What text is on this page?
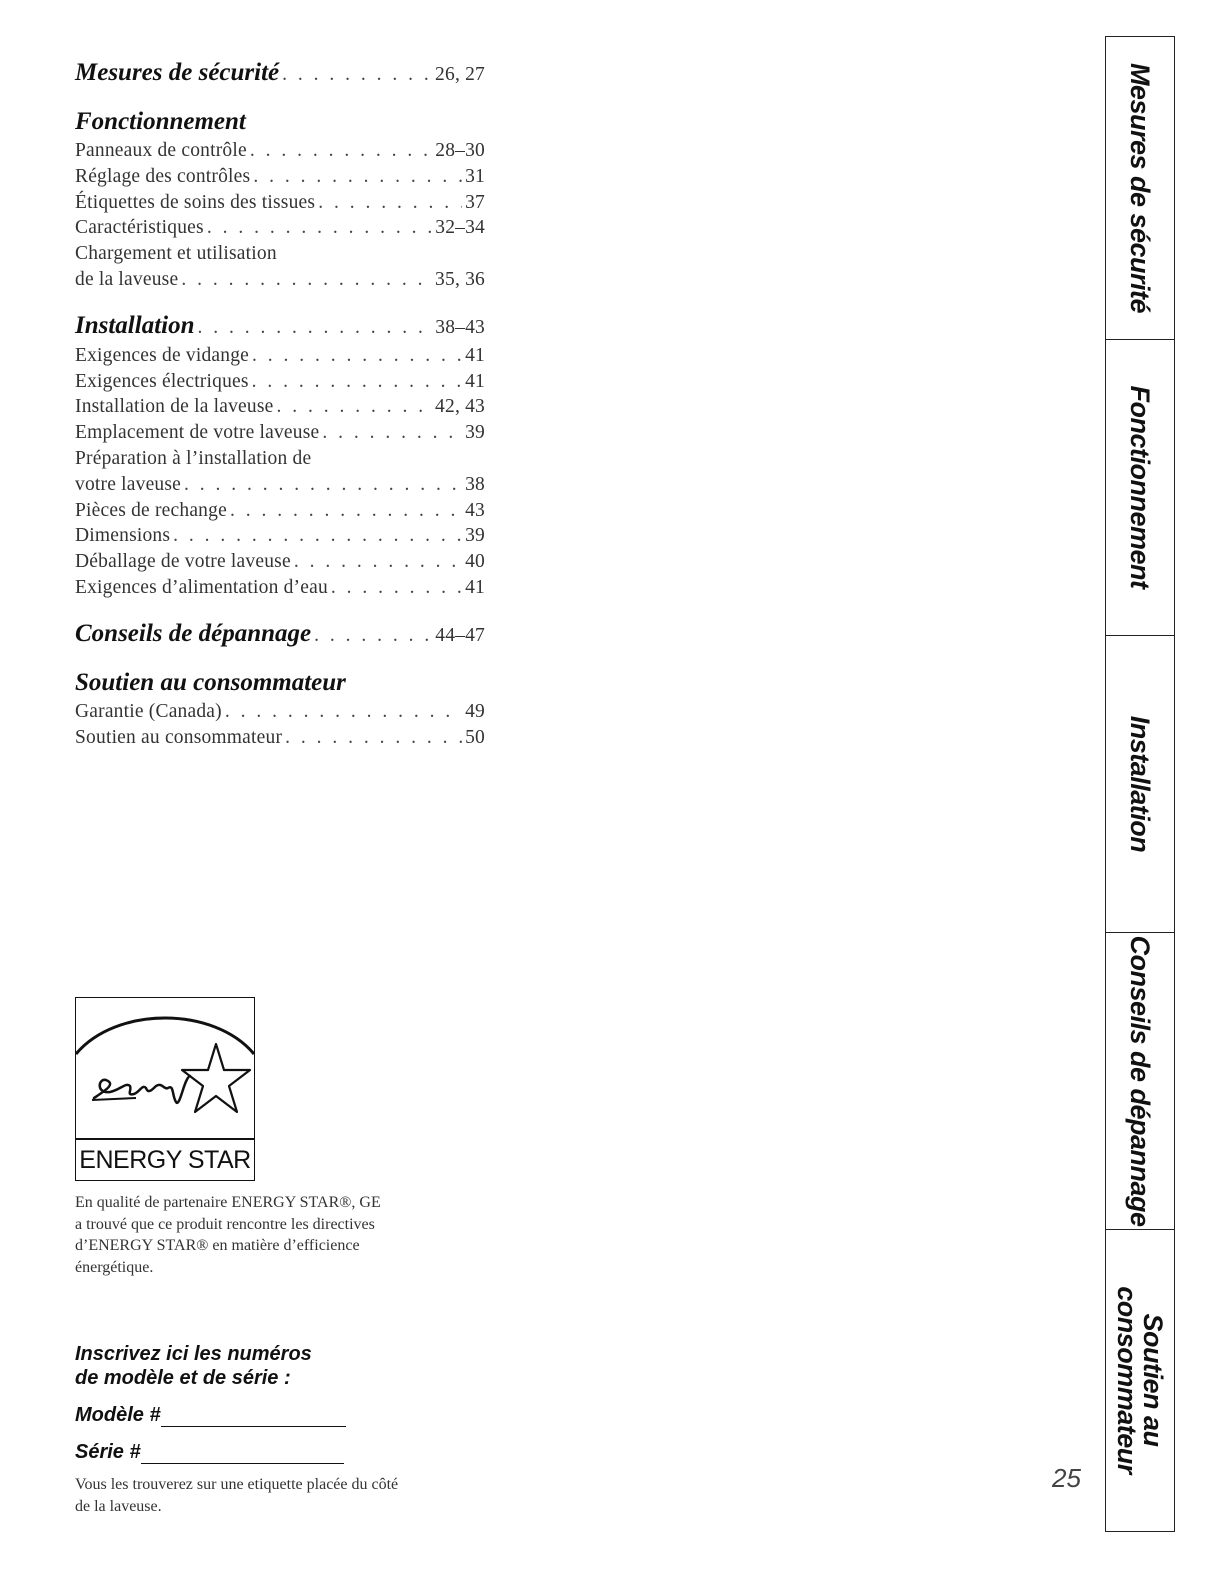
Mesures de sécurité . . .	26, 27
Fonctionnement
Panneaux de contrôle . . .	28–30
Réglage des contrôles . . .	31
Étiquettes de soins des tissues . . .	37
Caractéristiques . . .	32–34
Chargement et utilisation
de la laveuse . . .	35, 36
Installation . . .	38–43
Exigences de vidange . . .	41
Exigences électriques . . .	41
Installation de la laveuse . . .	42, 43
Emplacement de votre laveuse . . .	39
Préparation à l’installation de
votre laveuse . . .	38
Pièces de rechange . . .	43
Dimensions . . .	39
Déballage de votre laveuse . . .	40
Exigences d’alimentation d’eau . . .	41
Conseils de dépannage . . .	44–47
Soutien au consommateur
Garantie (Canada) . . .	49
Soutien au consommateur . . .	50
ENERGY STAR
En qualité de partenaire ENERGY STAR®, GE a trouvé que ce produit rencontre les directives d’ENERGY STAR® en matière d’efficience énergétique.
Inscrivez ici les numéros
de modèle et de série :
Modèle #
Série #
Vous les trouverez sur une etiquette placée du côté de la laveuse.
25
Mesures de sécurité
Fonctionnement
Installation
Conseils de dépannage
Soutien au
consommateur
